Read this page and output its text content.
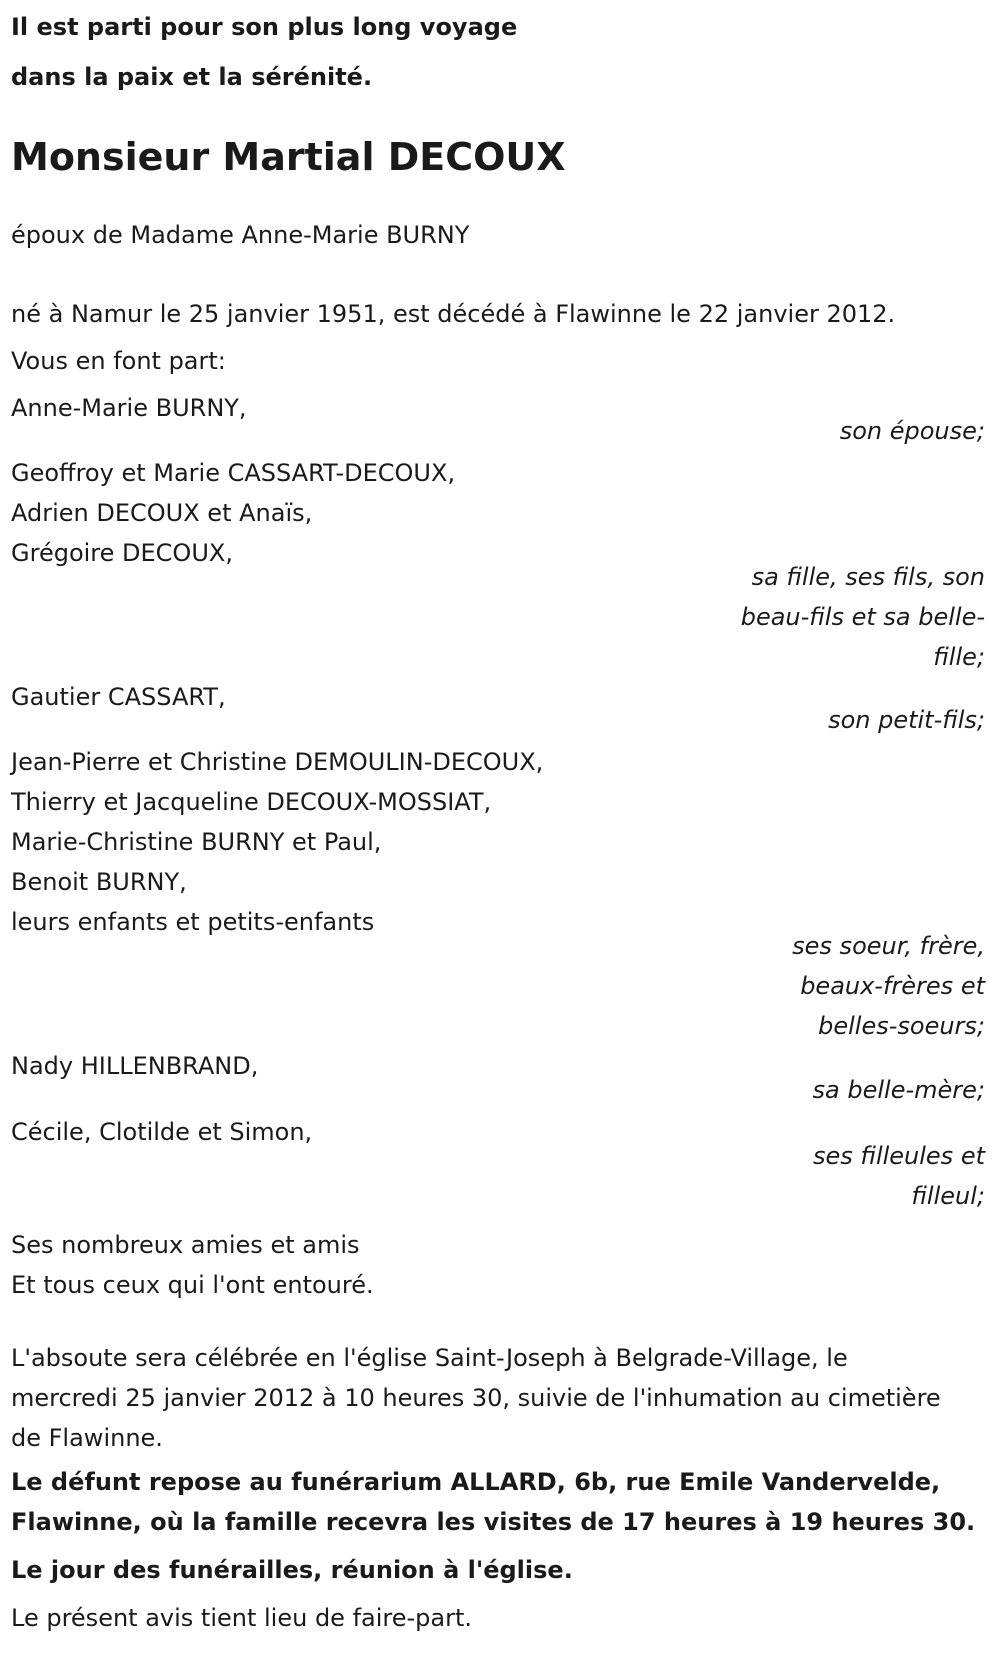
Il est parti pour son plus long voyage
dans la paix et la sérénité.
Monsieur Martial DECOUX
époux de Madame Anne-Marie BURNY
né à Namur le 25 janvier 1951, est décédé à Flawinne le 22 janvier 2012.
Vous en font part:
Anne-Marie BURNY,
son épouse;
Geoffroy et Marie CASSART-DECOUX,
Adrien DECOUX et Anaïs,
Grégoire DECOUX,
sa fille, ses fils, son
beau-fils et sa belle-
fille;
Gautier CASSART,
son petit-fils;
Jean-Pierre et Christine DEMOULIN-DECOUX,
Thierry et Jacqueline DECOUX-MOSSIAT,
Marie-Christine BURNY et Paul,
Benoit BURNY,
leurs enfants et petits-enfants
ses soeur, frère,
beaux-frères et
belles-soeurs;
Nady HILLENBRAND,
sa belle-mère;
Cécile, Clotilde et Simon,
ses filleules et
filleul;
Ses nombreux amies et amis
Et tous ceux qui l'ont entouré.
L'absoute sera célébrée en l'église Saint-Joseph à Belgrade-Village, le mercredi 25 janvier 2012 à 10 heures 30, suivie de l'inhumation au cimetière de Flawinne.
Le défunt repose au funérarium ALLARD, 6b, rue Emile Vandervelde,
Flawinne, où la famille recevra les visites de 17 heures à 19 heures 30.
Le jour des funérailles, réunion à l'église.
Le présent avis tient lieu de faire-part.
